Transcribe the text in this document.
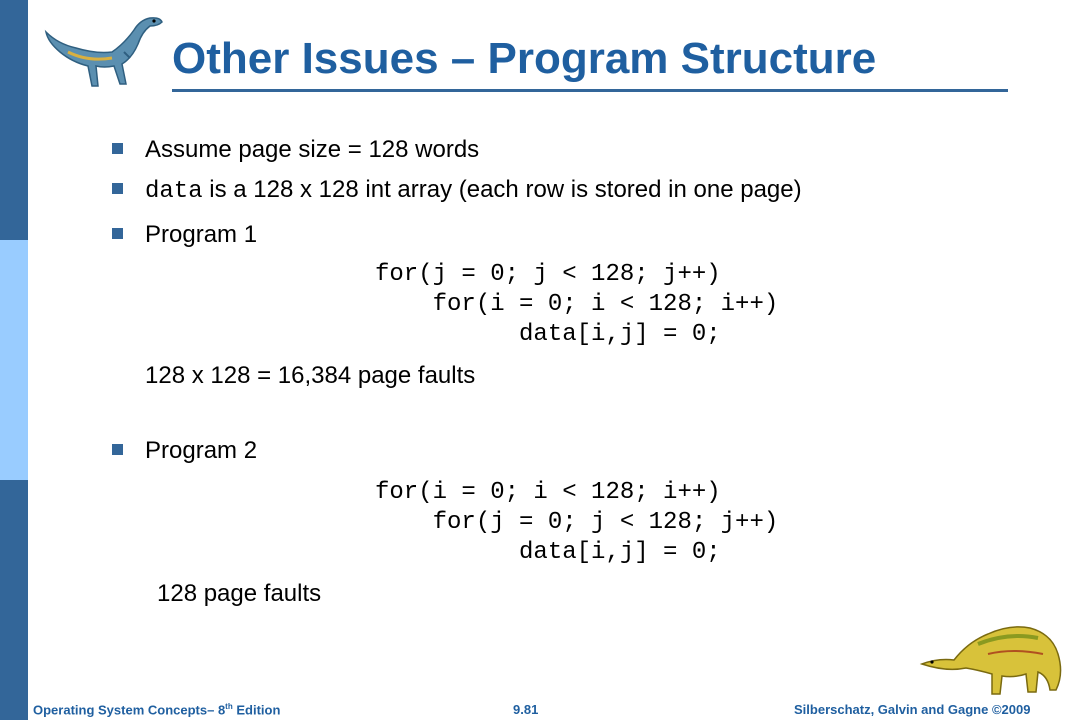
Other Issues – Program Structure
Assume page size = 128 words
data is a 128 x 128 int array (each row is stored in one page)
Program 1
for(j = 0; j < 128; j++)
for(i = 0; i < 128; i++)
data[i,j] = 0;
128 x 128 = 16,384 page faults
Program 2
for(i = 0; i < 128; i++)
for(j = 0; j < 128; j++)
data[i,j] = 0;
128 page faults
Operating System Concepts– 8th Edition	9.81	Silberschatz, Galvin and Gagne ©2009
